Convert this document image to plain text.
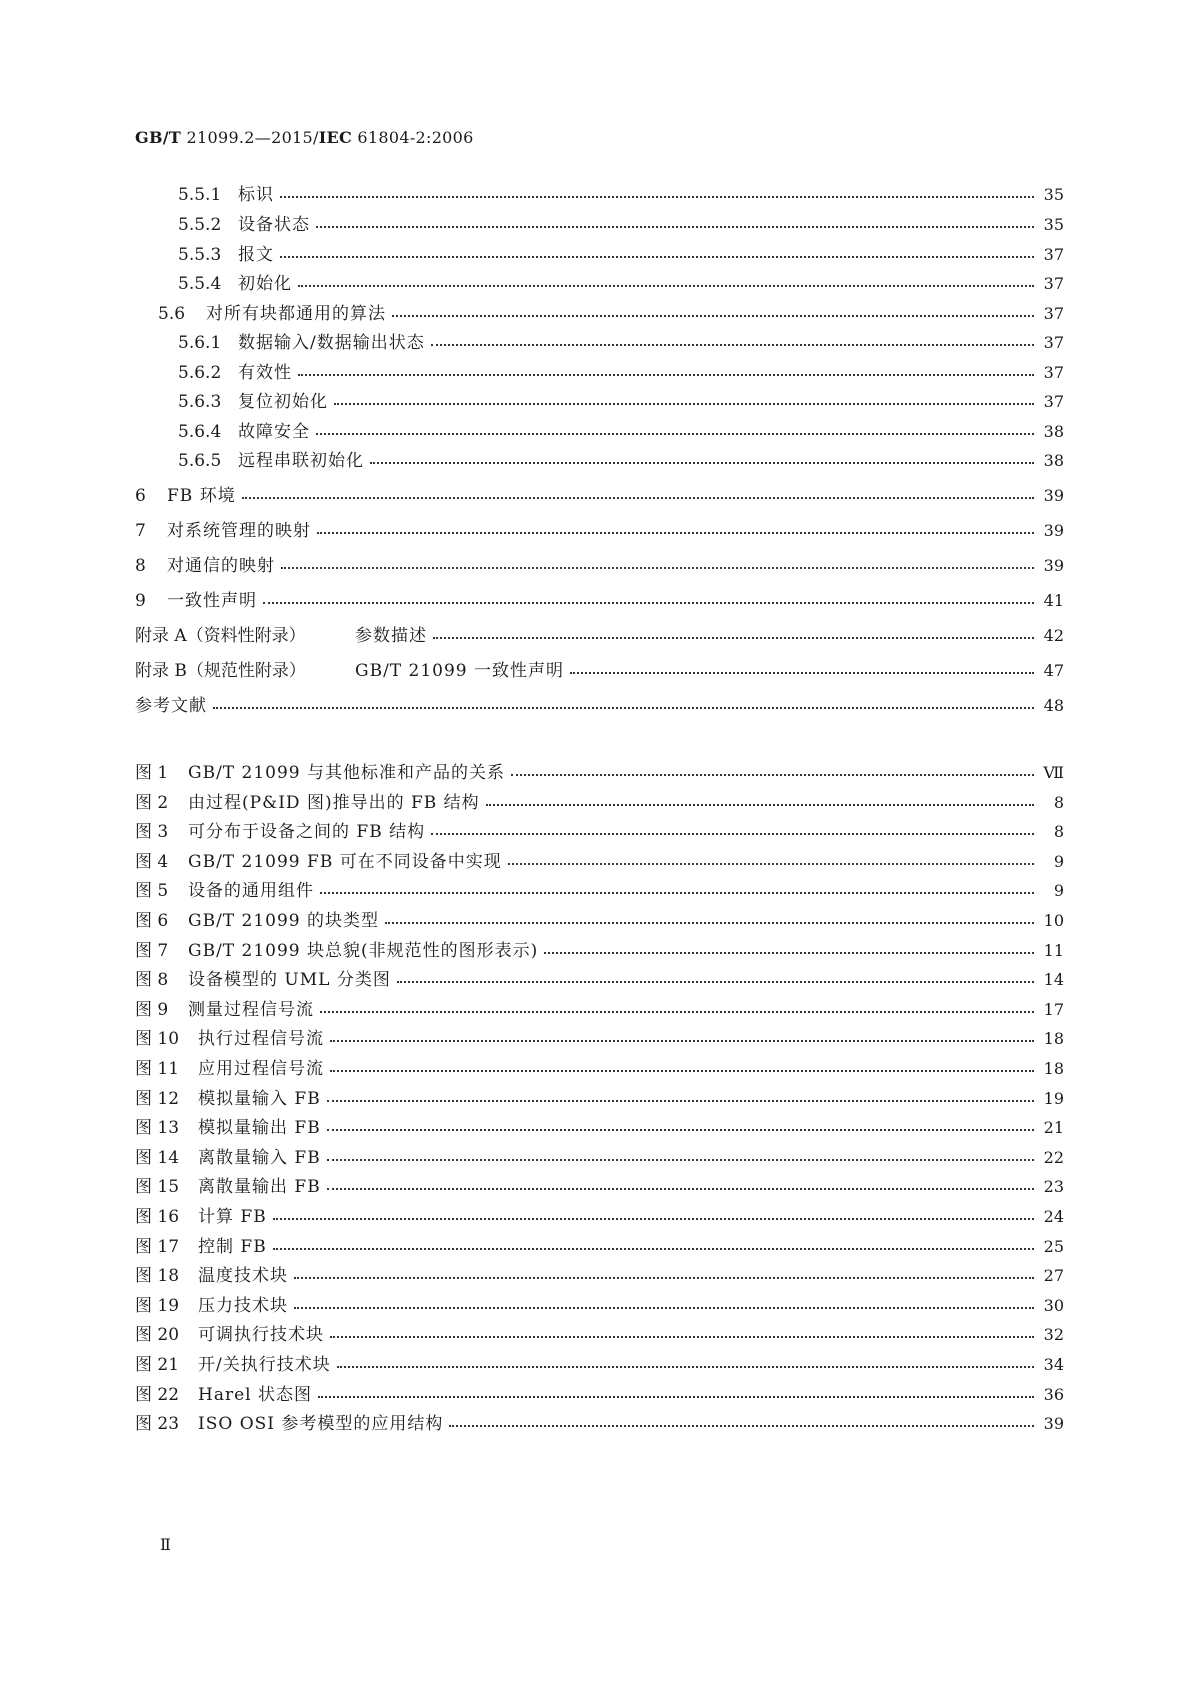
GB/T 21099.2—2015/IEC 61804-2:2006
5.5.1 标识	35
5.5.2 设备状态	35
5.5.3 报文	37
5.5.4 初始化	37
5.6	对所有块都通用的算法	37
5.6.1 数据输入/数据输出状态	37
5.6.2 有效性	37
5.6.3 复位初始化	37
5.6.4 故障安全	38
5.6.5 远程串联初始化	38
6	FB 环境	39
7	对系统管理的映射	39
8	对通信的映射	39
9	一致性声明	41
附录 A（资料性附录）	参数描述	42
附录 B（规范性附录）	GB/T 21099 一致性声明	47
参考文献	48
图 1	GB/T 21099 与其他标准和产品的关系	Ⅶ
图 2	由过程(P&ID 图)推导出的 FB 结构	8
图 3	可分布于设备之间的 FB 结构	8
图 4	GB/T 21099 FB 可在不同设备中实现	9
图 5	设备的通用组件	9
图 6	GB/T 21099 的块类型	10
图 7	GB/T 21099 块总貌(非规范性的图形表示)	11
图 8	设备模型的 UML 分类图	14
图 9	测量过程信号流	17
图 10	执行过程信号流	18
图 11	应用过程信号流	18
图 12	模拟量输入 FB	19
图 13	模拟量输出 FB	21
图 14	离散量输入 FB	22
图 15	离散量输出 FB	23
图 16	计算 FB	24
图 17	控制 FB	25
图 18	温度技术块	27
图 19	压力技术块	30
图 20	可调执行技术块	32
图 21	开/关执行技术块	34
图 22	Harel 状态图	36
图 23	ISO OSI 参考模型的应用结构	39
Ⅱ
